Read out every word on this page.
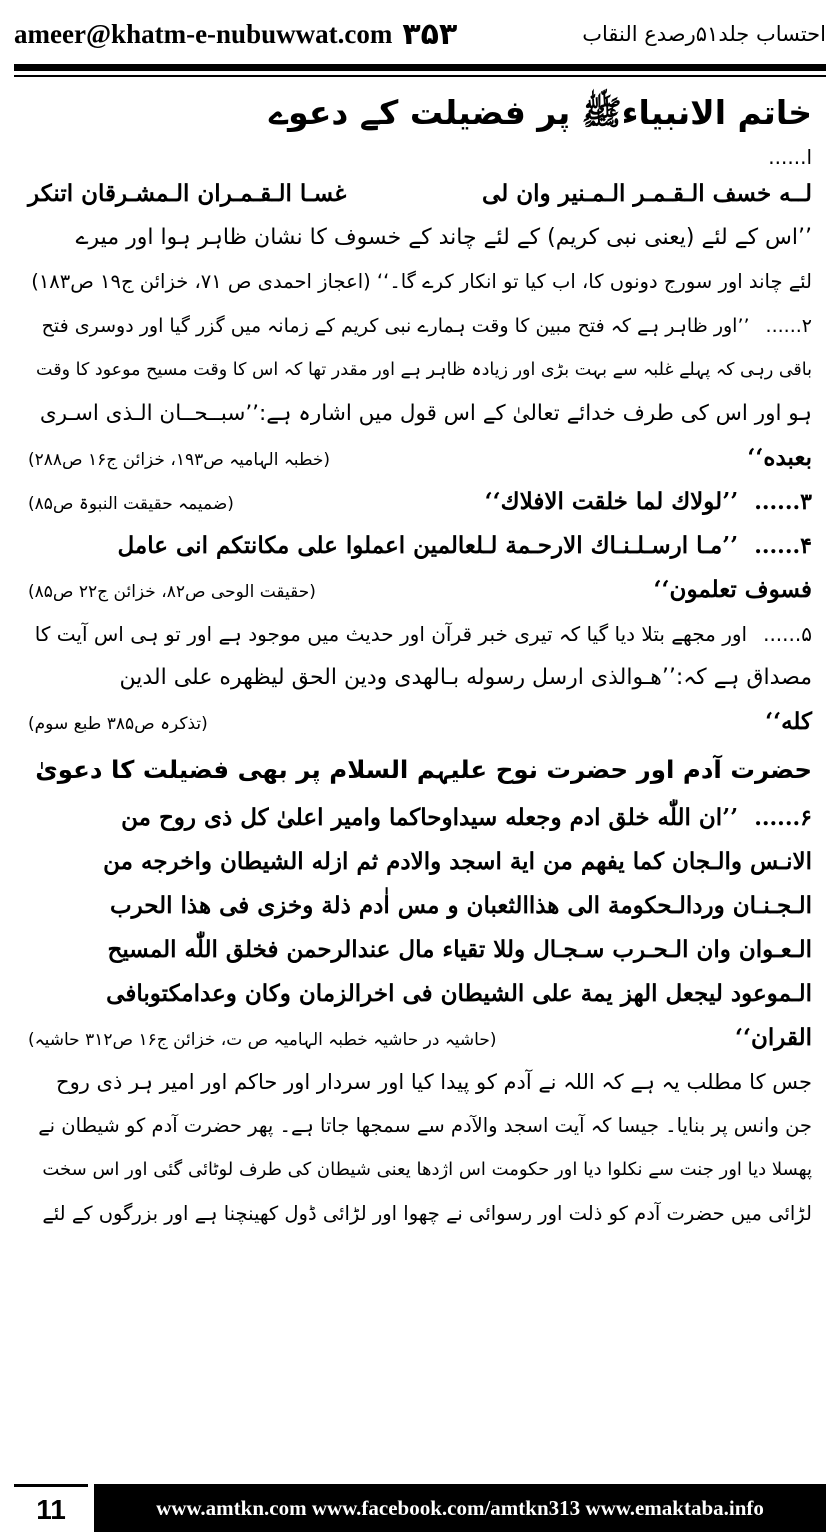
ameer@khatm-e-nubuwwat.com ۳۵۳	احتساب جلد۵۱رصدع النقاب
خاتم الانبیاءﷺ پر فضیلت کے دعوے
ا......
لــه خسف الـقـمـر الـمـنیر وان لی
غسـا الـقـمـران الـمشـرقان اتنکر
’’اس کے لئے (یعنی نبی کریم) کے لئے چاند کے خسوف کا نشان ظاہر ہوا اور میرے
لئے چاند اور سورج دونوں کا، اب کیا تو انکار کرے گا۔‘‘ (اعجاز احمدی ص ۷۱، خزائن ج۱۹ ص۱۸۳)
۲......’’اور ظاہر ہے کہ فتح مبین کا وقت ہمارے نبی کریم کے زمانہ میں گزر گیا اور دوسری فتح
باقی رہی کہ پہلے غلبہ سے بہت بڑی اور زیادہ ظاہر ہے اور مقدر تھا کہ اس کا وقت مسیح موعود کا وقت
ہو اور اس کی طرف خدائے تعالیٰ کے اس قول میں اشارہ ہے:’’سبــحــان الـذی اسـری
بعبده‘‘
(خطبہ الہامیہ ص۱۹۳، خزائن ج۱۶ ص۲۸۸)
۳......’’لولاك لما خلقت الافلاك‘‘
(ضمیمہ حقیقت النبوۃ ص۸۵)
۴......’’مـا ارسـلـنـاك الارحـمة لـلعالمین اعملوا علی مکانتکم انی عامل
فسوف تعلمون‘‘
(حقیقت الوحی ص۸۲، خزائن ج۲۲ ص۸۵)
۵......اور مجھے بتلا دیا گیا کہ تیری خبر قرآن اور حدیث میں موجود ہے اور تو ہی اس آیت کا
مصداق ہے کہ:’’هـوالذی ارسل رسوله بـالهدی ودین الحق لیظهره علی الدین
کله‘‘
(تذکرہ ص۳۸۵ طبع سوم)
حضرت آدم اور حضرت نوح علیہم السلام پر بھی فضیلت کا دعویٰ
۶......’’ان اللّٰه خلق ادم وجعله سیداوحاکما وامیر اعلیٰ کل ذی روح من
الانـس والـجان کما یفهم من ایة اسجد والادم ثم ازله الشیطان واخرجه من
الـجـنـان وردالـحکومة الی هذاالثعبان و مس اٰدم ذلة وخزی فی هذا الحرب
الـعـوان وان الـحـرب سـجـال وللا تقیاء مال عندالرحمن فخلق اللّٰه المسیح
الـموعود لیجعل الهز یمة علی الشیطان فی اخرالزمان وکان وعدامکتوبافی
القران‘‘
(حاشیہ در حاشیہ خطبہ الہامیہ ص ت، خزائن ج۱۶ ص۳۱۲ حاشیہ)
جس کا مطلب یہ ہے کہ اللہ نے آدم کو پیدا کیا اور سردار اور حاکم اور امیر ہر ذی روح
جن وانس پر بنایا۔ جیسا کہ آیت اسجد والآدم سے سمجھا جاتا ہے۔ پھر حضرت آدم کو شیطان نے
پھسلا دیا اور جنت سے نکلوا دیا اور حکومت اس اژدھا یعنی شیطان کی طرف لوٹائی گئی اور اس سخت
لڑائی میں حضرت آدم کو ذلت اور رسوائی نے چھوا اور لڑائی ڈول کھینچنا ہے اور بزرگوں کے لئے
11	www.amtkn.com www.facebook.com/amtkn313 www.emaktaba.info
